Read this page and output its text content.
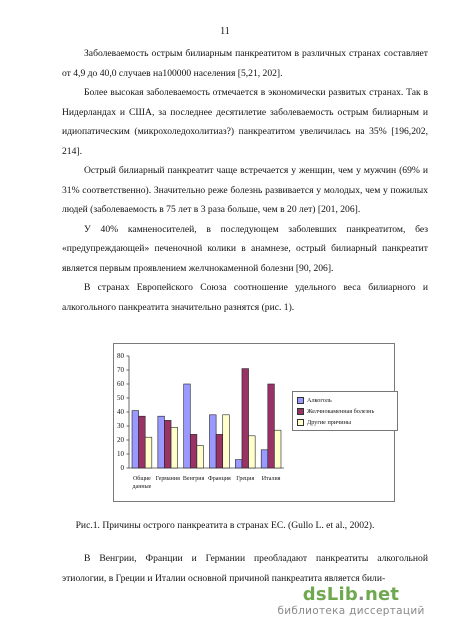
11

Заболеваемость острым билиарным панкреатитом в различных странах составляет от 4,9 до 40,0 случаев на100000 населения [5,21, 202].

Более высокая заболеваемость отмечается в экономически развитых странах. Так в Нидерландах и США, за последнее десятилетие заболеваемость острым билиарным и идиопатическим (микрохоледохолитиаз?) панкреатитом увеличилась на 35% [196,202, 214].

Острый билиарный панкреатит чаще встречается у женщин, чем у мужчин (69% и 31% соответственно). Значительно реже болезнь развивается у молодых, чем у пожилых людей (заболеваемость в 75 лет в 3 раза больше, чем в 20 лет) [201, 206].

У 40% камненосителей, в последующем заболевших панкреатитом, без «предупреждающей» печеночной колики в анамнезе, острый билиарный панкреатит является первым проявлением желчнокаменной болезни [90, 206].

В странах Европейского Союза соотношение удельного веса билиарного и алкогольного панкреатита значительно разнятся (рис. 1).

0
10
20
30
40
50
60
70
80
Общие
данные
Германия Венгрия Франция Греция Италия
Алкоголь
Желчнокаменная болезнь
Другие причины
Рис.1. Причины острого панкреатита в странах ЕС. (Gullo L. et al., 2002).

В Венгрии, Франции и Германии преобладают панкреатиты алкогольной этиологии, в Греции и Италии основной причиной панкреатита является били-

dsLib.net
библиотека диссертаций
